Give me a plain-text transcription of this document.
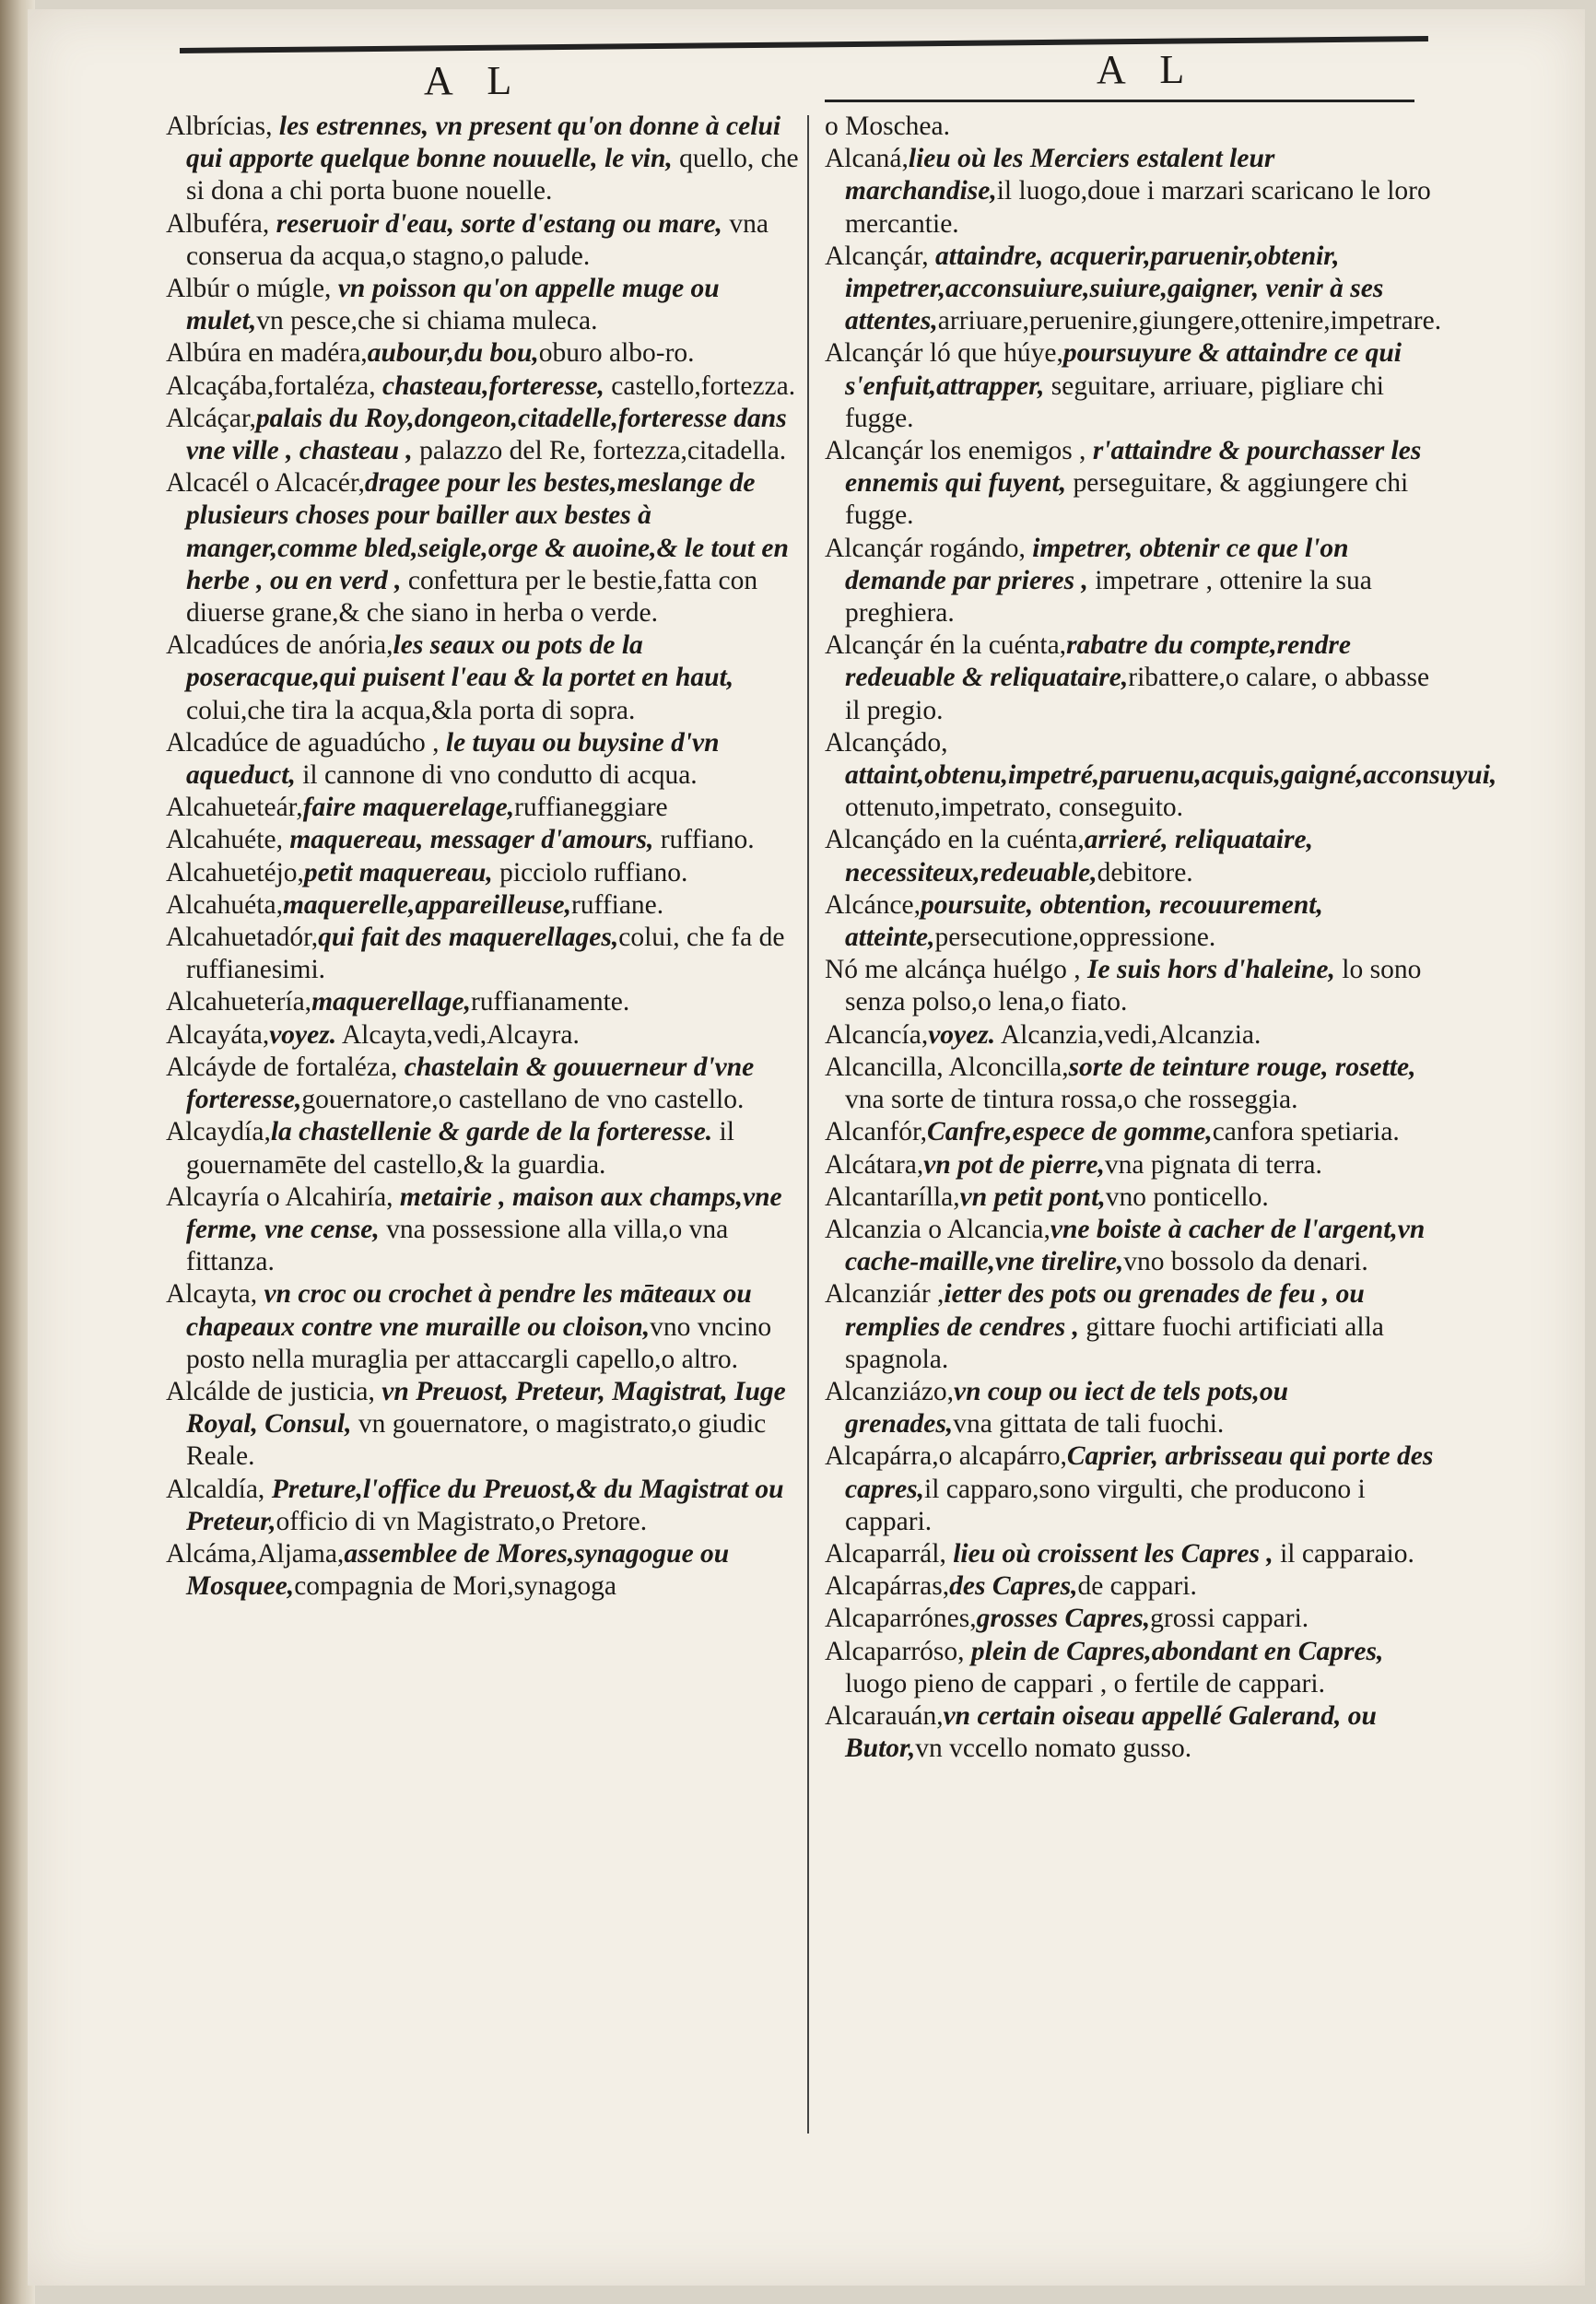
A L	A L

Albrícias, les estrennes, vn present qu'on donne à celui qui apporte quelque bonne nouuelle, le vin, quello, che si dona a chi porta buone nouelle.

Albuféra, reseruoir d'eau, sorte d'estang ou mare, vna conserua da acqua,o stagno,o palude.

Albúr o múgle, vn poisson qu'on appelle muge ou mulet,vn pesce,che si chiama muleca.

Albúra en madéra,aubour,du bou,oburo albo-ro.

Alcaçába,fortaléza, chasteau,forteresse, castello,fortezza.

Alcáçar,palais du Roy,dongeon,citadelle,forteresse dans vne ville , chasteau , palazzo del Re, fortezza,citadella.

Alcacél o Alcacér,dragee pour les bestes,meslange de plusieurs choses pour bailler aux bestes à manger,comme bled,seigle,orge & auoine,& le tout en herbe , ou en verd , confettura per le bestie,fatta con diuerse grane,& che siano in herba o verde.

Alcadúces de anória,les seaux ou pots de la poseracque,qui puisent l'eau & la portet en haut, colui,che tira la acqua,&la porta di sopra.

Alcadúce de aguadúcho , le tuyau ou buysine d'vn aqueduct, il cannone di vno condutto di acqua.

Alcahueteár,faire maquerelage,ruffianeggiare

Alcahuéte, maquereau, messager d'amours, ruffiano.

Alcahuetéjo,petit maquereau, picciolo ruffiano.

Alcahuéta,maquerelle,appareilleuse,ruffiane.

Alcahuetadór,qui fait des maquerellages,colui, che fa de ruffianesimi.

Alcahuetería,maquerellage,ruffianamente.

Alcayáta,voyez. Alcayta,vedi,Alcayra.

Alcáyde de fortaléza, chastelain & gouuerneur d'vne forteresse,gouernatore,o castellano de vno castello.

Alcaydía,la chastellenie & garde de la forteresse. il gouernamēte del castello,& la guardia.

Alcayría o Alcahiría, metairie , maison aux champs,vne ferme, vne cense, vna possessione alla villa,o vna fittanza.

Alcayta, vn croc ou crochet à pendre les māteaux ou chapeaux contre vne muraille ou cloison,vno vncino posto nella muraglia per attaccargli capello,o altro.

Alcálde de justicia, vn Preuost, Preteur, Magistrat, Iuge Royal, Consul, vn gouernatore, o magistrato,o giudic Reale.

Alcaldía, Preture,l'office du Preuost,& du Magistrat ou Preteur,officio di vn Magistrato,o Pretore.

Alcáma,Aljama,assemblee de Mores,synagogue ou Mosquee,compagnia de Mori,synagoga

o Moschea.

Alcaná,lieu où les Merciers estalent leur marchandise,il luogo,doue i marzari scaricano le loro mercantie.

Alcançár, attaindre, acquerir,paruenir,obtenir, impetrer,acconsuiure,suiure,gaigner, venir à ses attentes,arriuare,peruenire,giungere,ottenire,impetrare.

Alcançár ló que húye,poursuyure & attaindre ce qui s'enfuit,attrapper, seguitare, arriuare, pigliare chi fugge.

Alcançár los enemigos , r'attaindre & pourchasser les ennemis qui fuyent, perseguitare, & aggiungere chi fugge.

Alcançár rogándo, impetrer, obtenir ce que l'on demande par prieres , impetrare , ottenire la sua preghiera.

Alcançár én la cuénta,rabatre du compte,rendre redeuable & reliquataire,ribattere,o calare, o abbasse il pregio.

Alcançádo, attaint,obtenu,impetré,paruenu,acquis,gaigné,acconsuyui, ottenuto,impetrato, conseguito.

Alcançádo en la cuénta,arrieré, reliquataire, necessiteux,redeuable,debitore.

Alcánce,poursuite, obtention, recouurement, atteinte,persecutione,oppressione.

Nó me alcánça huélgo , Ie suis hors d'haleine, lo sono senza polso,o lena,o fiato.

Alcancía,voyez. Alcanzia,vedi,Alcanzia.

Alcancilla, Alconcilla,sorte de teinture rouge, rosette, vna sorte de tintura rossa,o che rosseggia.

Alcanfór,Canfre,espece de gomme,canfora spetiaria.

Alcátara,vn pot de pierre,vna pignata di terra.

Alcantarílla,vn petit pont,vno ponticello.

Alcanzia o Alcancia,vne boiste à cacher de l'argent,vn cache-maille,vne tirelire,vno bossolo da denari.

Alcanziár ,ietter des pots ou grenades de feu , ou remplies de cendres , gittare fuochi artificiati alla spagnola.

Alcanziázo,vn coup ou iect de tels pots,ou grenades,vna gittata de tali fuochi.

Alcapárra,o alcapárro,Caprier, arbrisseau qui porte des capres,il capparo,sono virgulti, che producono i cappari.

Alcaparrál, lieu où croissent les Capres , il capparaio.

Alcapárras,des Capres,de cappari.

Alcaparrónes,grosses Capres,grossi cappari.

Alcaparróso, plein de Capres,abondant en Capres, luogo pieno de cappari , o fertile de cappari.

Alcarauán,vn certain oiseau appellé Galerand, ou Butor,vn vccello nomato gusso.
